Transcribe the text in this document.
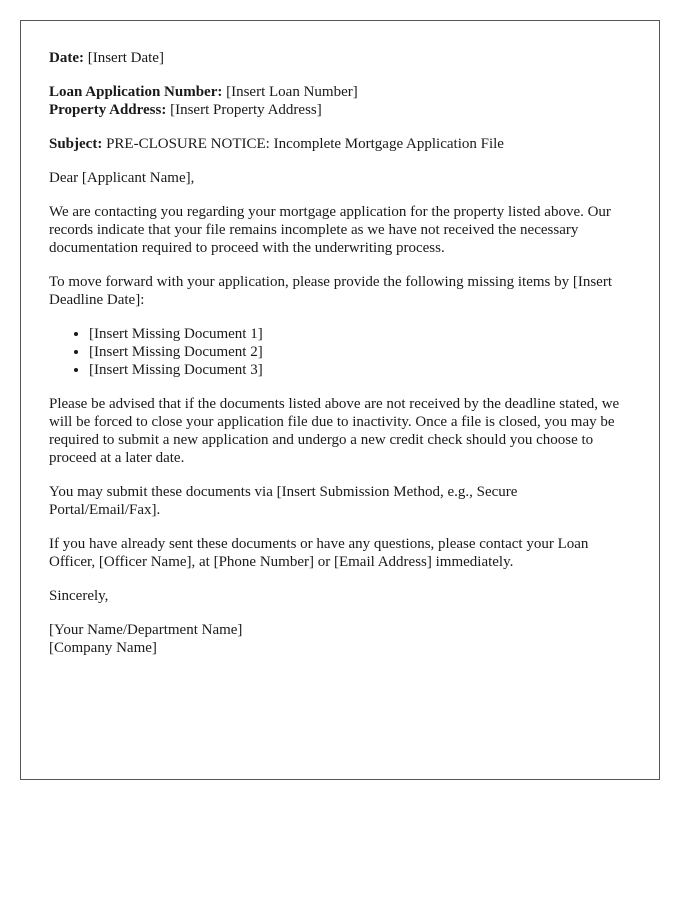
Date: [Insert Date]

Loan Application Number: [Insert Loan Number]

Property Address: [Insert Property Address]

Subject: PRE-CLOSURE NOTICE: Incomplete Mortgage Application File

Dear [Applicant Name],

We are contacting you regarding your mortgage application for the property listed above. Our records indicate that your file remains incomplete as we have not received the necessary documentation required to proceed with the underwriting process.

To move forward with your application, please provide the following missing items by [Insert Deadline Date]:

• [Insert Missing Document 1]
• [Insert Missing Document 2]
• [Insert Missing Document 3]

Please be advised that if the documents listed above are not received by the deadline stated, we will be forced to close your application file due to inactivity. Once a file is closed, you may be required to submit a new application and undergo a new credit check should you choose to proceed at a later date.

You may submit these documents via [Insert Submission Method, e.g., Secure Portal/Email/Fax].

If you have already sent these documents or have any questions, please contact your Loan Officer, [Officer Name], at [Phone Number] or [Email Address] immediately.

Sincerely,

[Your Name/Department Name]

[Company Name]
